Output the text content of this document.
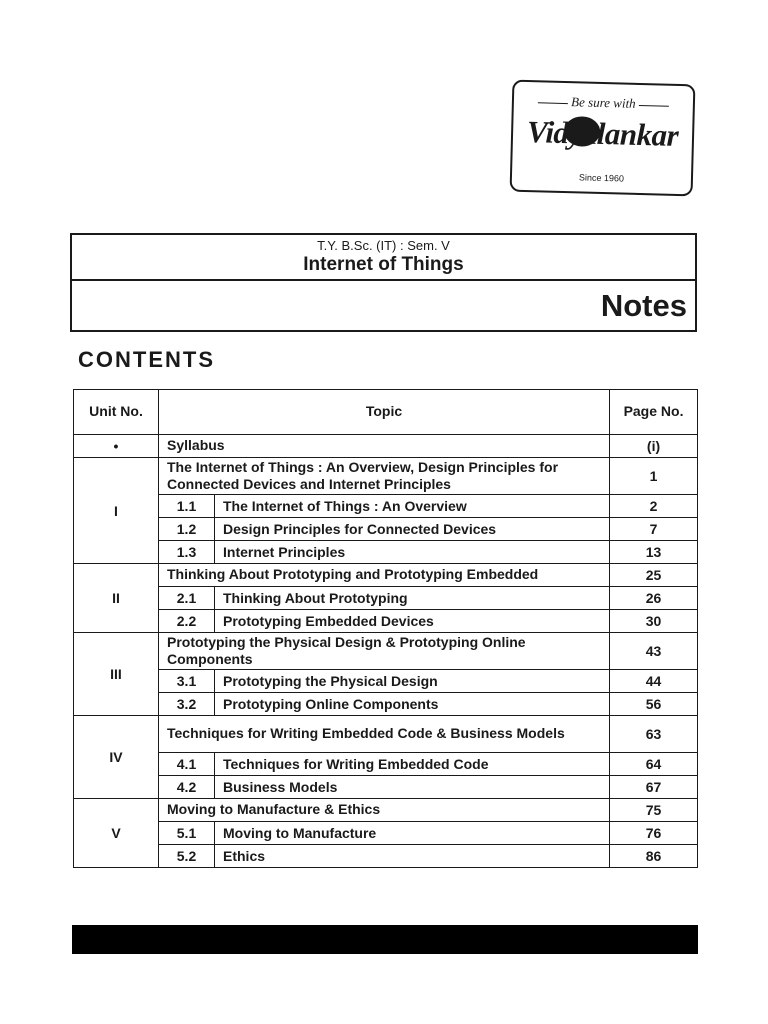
Be sure with
Vidyalankar
Since 1960
T.Y. B.Sc. (IT) : Sem. V
Internet of Things
Notes
CONTENTS
Unit No.	Topic		Page No.
•	Syllabus		(i)
I	The Internet of Things : An Overview, Design Principles for Connected Devices and Internet Principles		1
	1.1	The Internet of Things : An Overview	2
	1.2	Design Principles for Connected Devices	7
	1.3	Internet Principles	13
II	Thinking About Prototyping and Prototyping Embedded		25
	2.1	Thinking About Prototyping	26
	2.2	Prototyping Embedded Devices	30
III	Prototyping the Physical Design & Prototyping Online Components		43
	3.1	Prototyping the Physical Design	44
	3.2	Prototyping Online Components	56
IV	Techniques for Writing Embedded Code & Business Models		63
	4.1	Techniques for Writing Embedded Code	64
	4.2	Business Models	67
V	Moving to Manufacture & Ethics		75
	5.1	Moving to Manufacture	76
	5.2	Ethics	86
